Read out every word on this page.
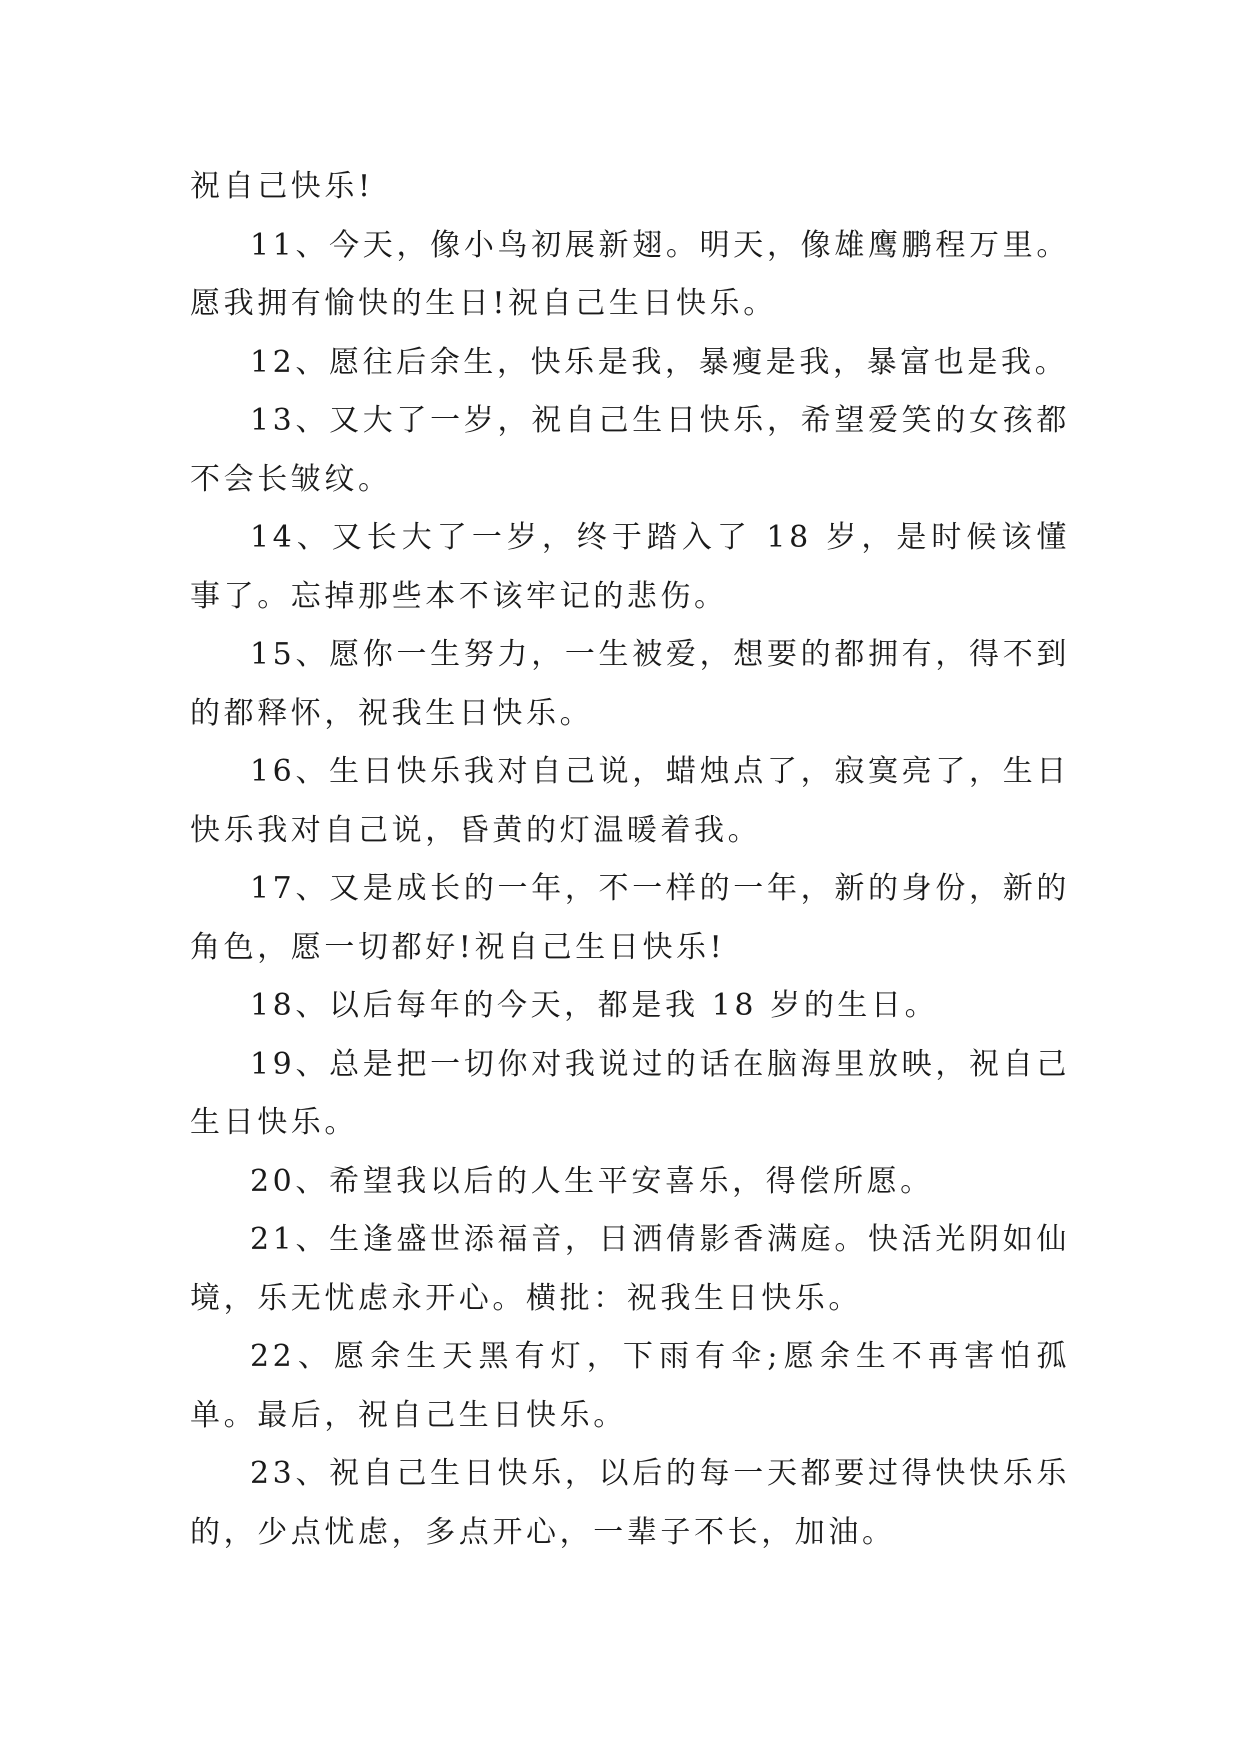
祝自己快乐!

11、今天，像小鸟初展新翅。明天，像雄鹰鹏程万里。愿我拥有愉快的生日!祝自己生日快乐。

12、愿往后余生，快乐是我，暴瘦是我，暴富也是我。

13、又大了一岁，祝自己生日快乐，希望爱笑的女孩都不会长皱纹。

14、又长大了一岁，终于踏入了 18 岁，是时候该懂事了。忘掉那些本不该牢记的悲伤。

15、愿你一生努力，一生被爱，想要的都拥有，得不到的都释怀，祝我生日快乐。

16、生日快乐我对自己说，蜡烛点了，寂寞亮了，生日快乐我对自己说，昏黄的灯温暖着我。

17、又是成长的一年，不一样的一年，新的身份，新的角色，愿一切都好!祝自己生日快乐!

18、以后每年的今天，都是我 18 岁的生日。

19、总是把一切你对我说过的话在脑海里放映，祝自己生日快乐。

20、希望我以后的人生平安喜乐，得偿所愿。

21、生逢盛世添福音，日洒倩影香满庭。快活光阴如仙境，乐无忧虑永开心。横批：祝我生日快乐。

22、愿余生天黑有灯，下雨有伞;愿余生不再害怕孤单。最后，祝自己生日快乐。

23、祝自己生日快乐，以后的每一天都要过得快快乐乐的，少点忧虑，多点开心，一辈子不长，加油。
